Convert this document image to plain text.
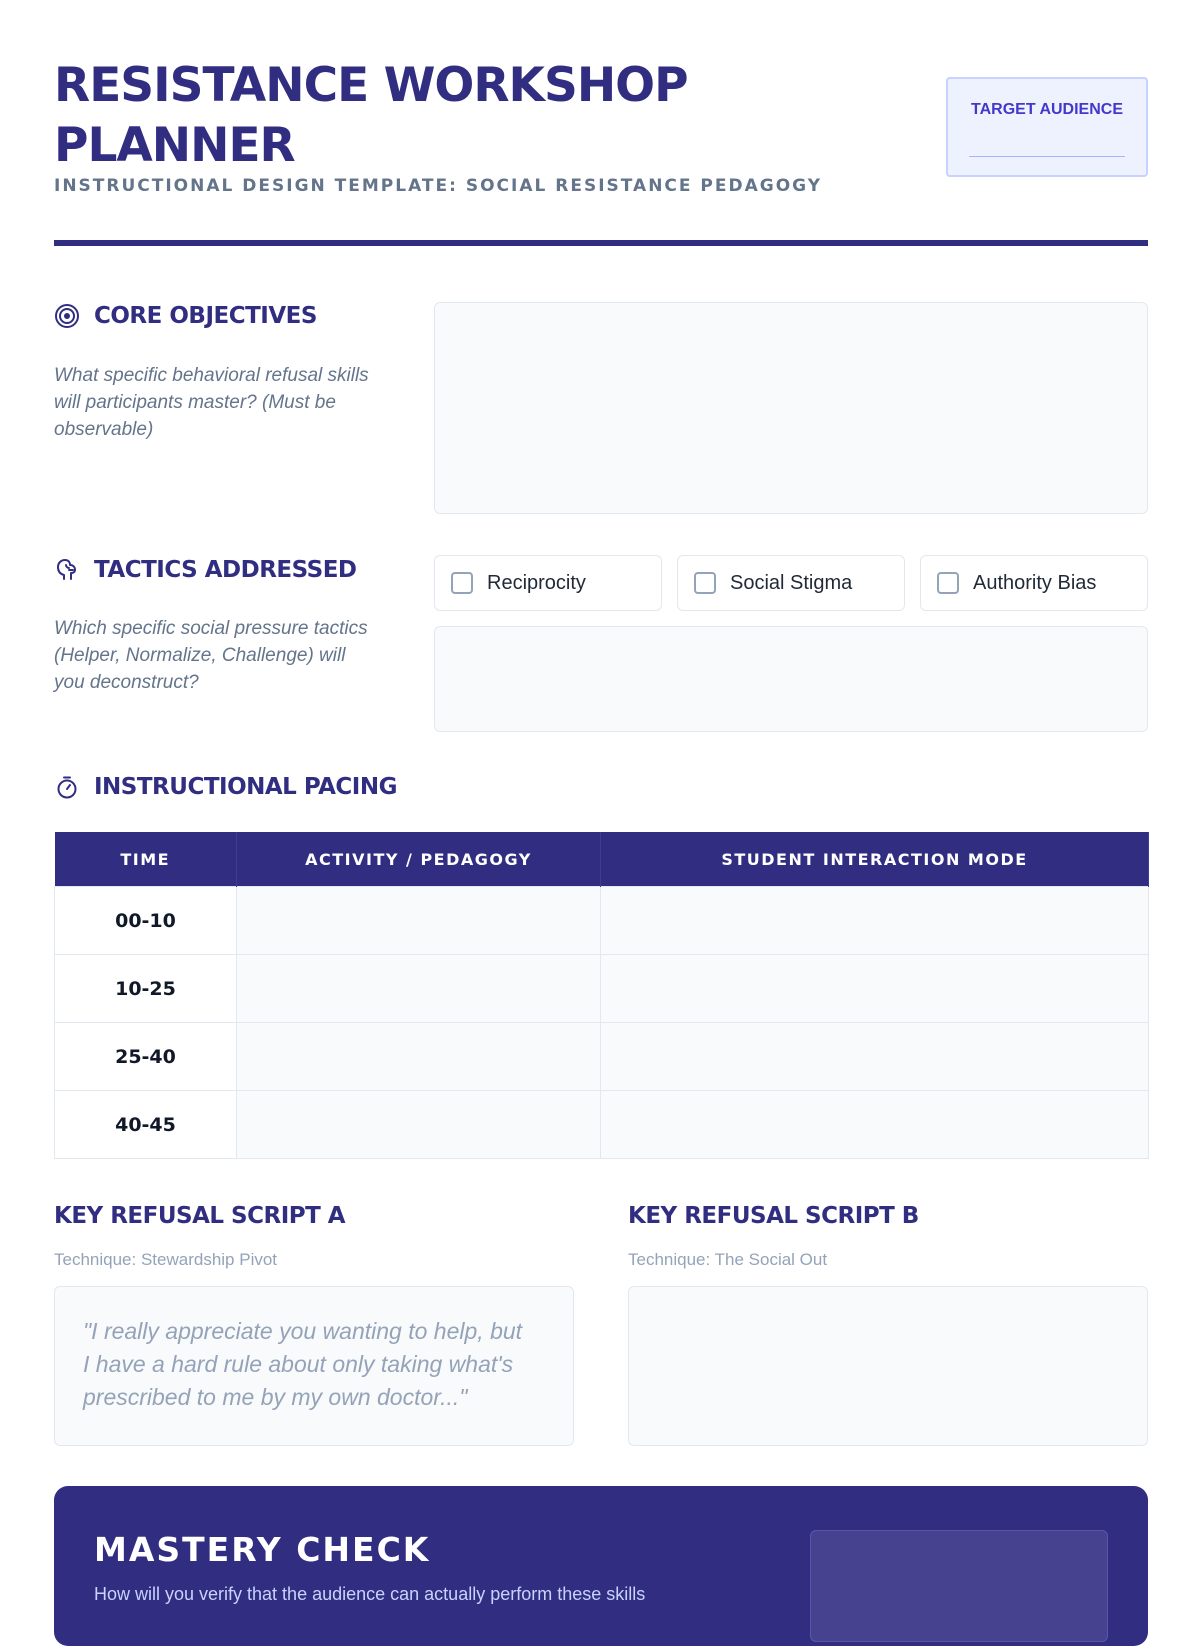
RESISTANCE WORKSHOP PLANNER
INSTRUCTIONAL DESIGN TEMPLATE: SOCIAL RESISTANCE PEDAGOGY
TARGET AUDIENCE
CORE OBJECTIVES
What specific behavioral refusal skills will participants master? (Must be observable)
TACTICS ADDRESSED
Which specific social pressure tactics (Helper, Normalize, Challenge) will you deconstruct?
Reciprocity	Social Stigma	Authority Bias
INSTRUCTIONAL PACING
TIME	ACTIVITY / PEDAGOGY	STUDENT INTERACTION MODE
00-10		
10-25		
25-40		
40-45		
KEY REFUSAL SCRIPT A
Technique: Stewardship Pivot
"I really appreciate you wanting to help, but I have a hard rule about only taking what's prescribed to me by my own doctor..."
KEY REFUSAL SCRIPT B
Technique: The Social Out
MASTERY CHECK
How will you verify that the audience can actually perform these skills
